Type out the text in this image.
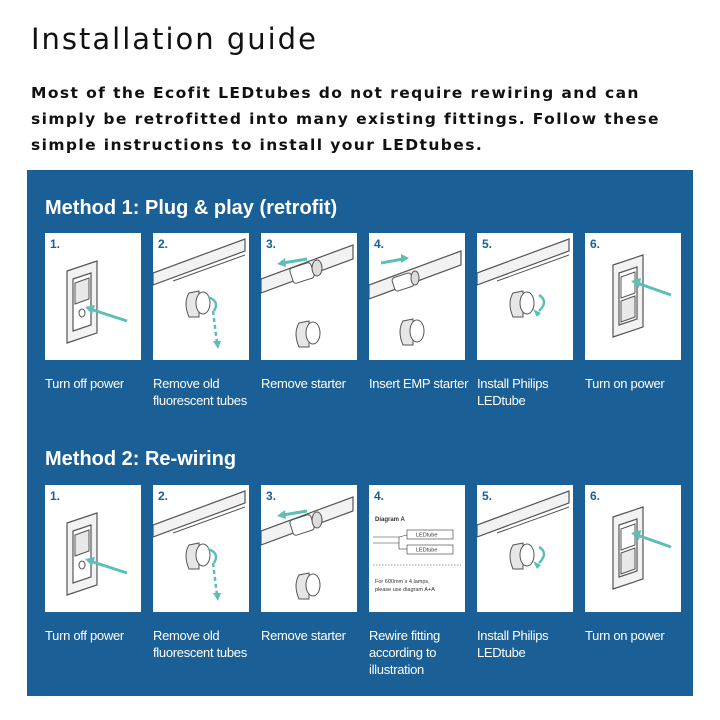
Installation guide
Most of the Ecofit LEDtubes do not require rewiring and can simply be retrofitted into many existing fittings. Follow these simple instructions to install your LEDtubes.
Method 1: Plug & play (retrofit)
1.
Turn off power
2.
Remove old fluorescent tubes
3.
Remove starter
4.
Insert EMP starter
5.
Install Philips LEDtube
6.
Turn on power
Method 2: Re-wiring
1.
Turn off power
2.
Remove old fluorescent tubes
3.
Remove starter
4.
Diagram A
LEDtube
LEDtube
For 600mm x 4 lamps,
please use diagram A+A
Rewire fitting according to illustration
5.
Install Philips LEDtube
6.
Turn on power
